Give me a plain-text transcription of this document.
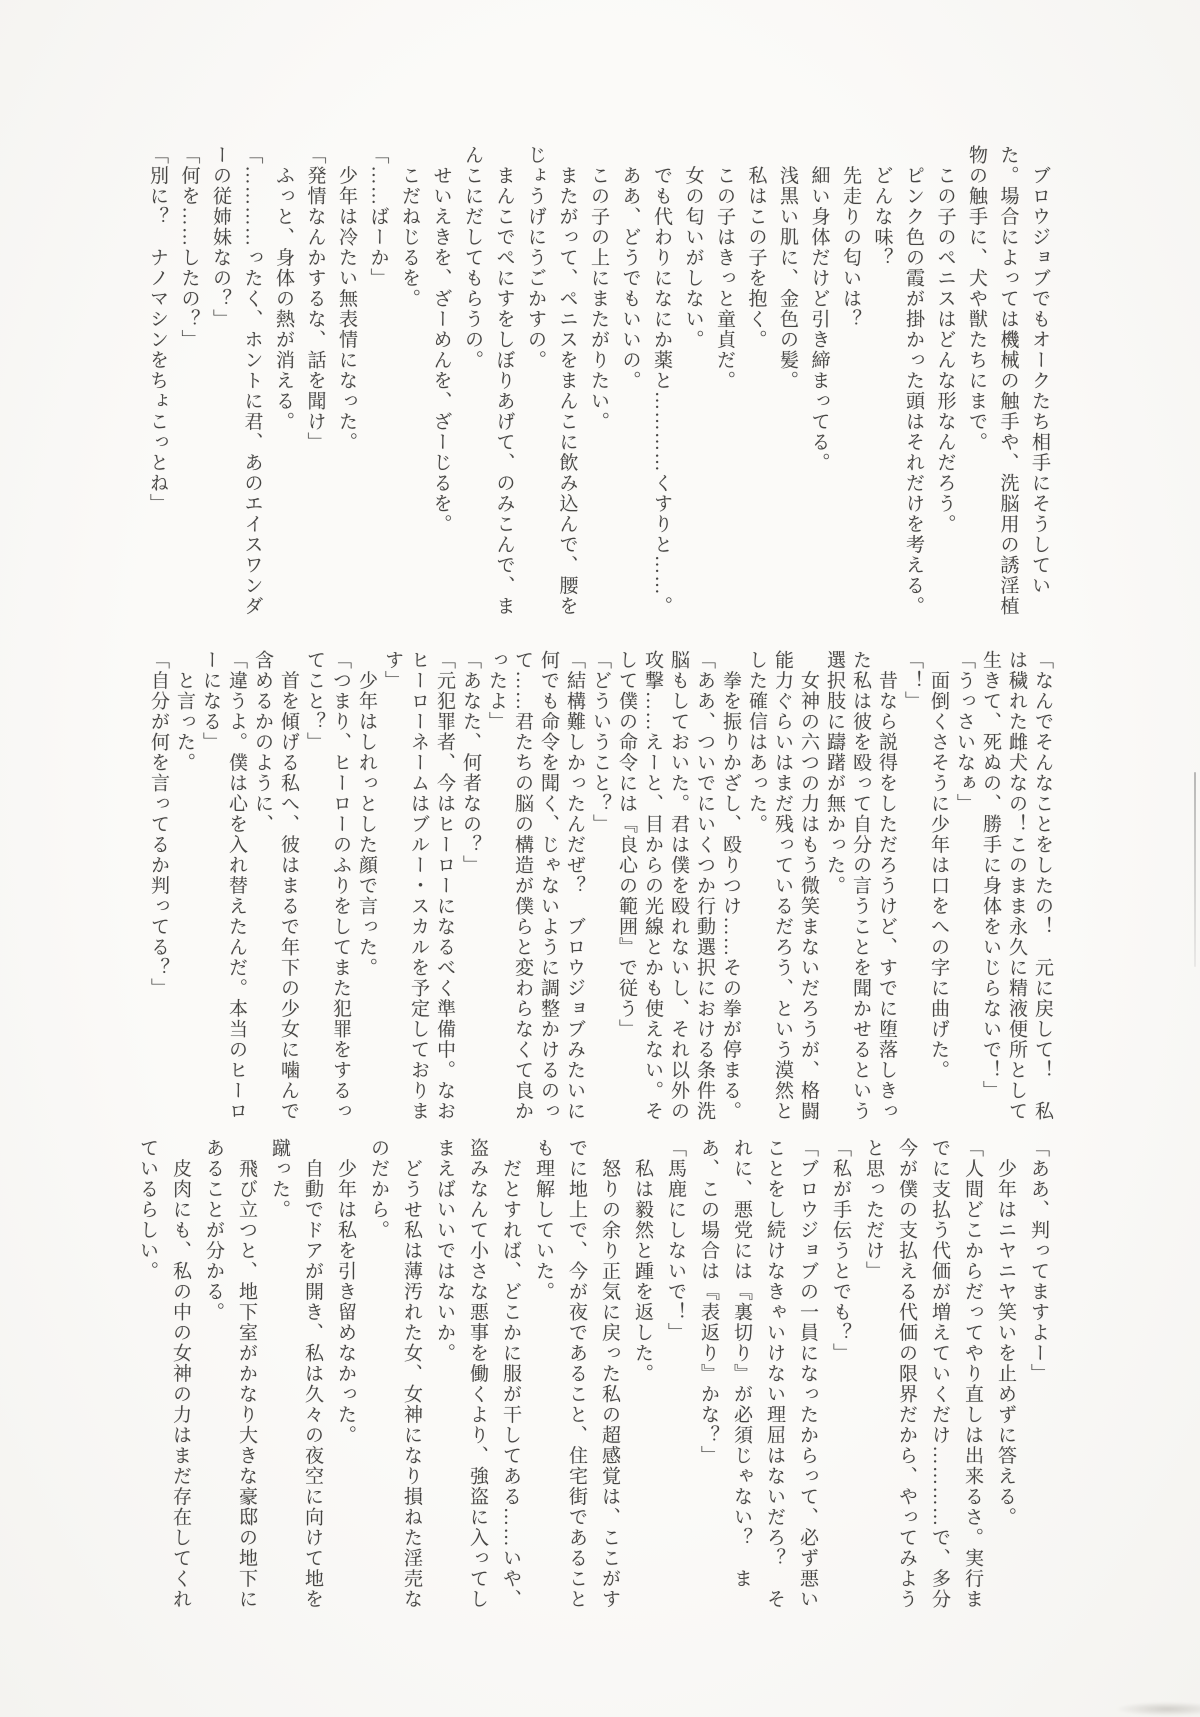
　ブロウジョブでもオークたち相手にそうしていた。場合によっては機械の触手や、洗脳用の誘淫植物の触手に、犬や獣たちにまで。

　この子のペニスはどんな形なんだろう。

　ピンク色の霞が掛かった頭はそれだけを考える。

　どんな味？

　先走りの匂いは？

　細い身体だけど引き締まってる。

　浅黒い肌に、金色の髪。

　私はこの子を抱く。

　この子はきっと童貞だ。

　女の匂いがしない。

　でも代わりになにか薬と…………くすりと……。

　ああ、どうでもいいの。

　この子の上にまたがりたい。

　またがって、ペニスをまんこに飲み込んで、腰をじょうげにうごかすの。

　まんこでぺにすをしぼりあげて、のみこんで、まんこにだしてもらうの。

　せいえきを、ざーめんを、ざーじるを。

　こだねじるを。

「……ばーか」

　少年は冷たい無表情になった。

「発情なんかするな、話を聞け」

　ふっと、身体の熱が消える。

「…………ったく、ホントに君、あのエイスワンダーの従姉妹なの？」

「何を……したの？」

「別に？　ナノマシンをちょこっとね」

「なんでそんなことをしたの！　元に戻して！　私は穢れた雌犬なの！このまま永久に精液便所として生きて、死ぬの、勝手に身体をいじらないで！」

「うっさいなぁ」

　面倒くさそうに少年は口をへの字に曲げた。

「！」

　昔なら説得をしただろうけど、すでに堕落しきった私は彼を殴って自分の言うことを聞かせるという選択肢に躊躇が無かった。

　女神の六つの力はもう微笑まないだろうが、格闘能力ぐらいはまだ残っているだろう、という漠然とした確信はあった。

　拳を振りかざし、殴りつけ……その拳が停まる。

「ああ、ついでにいくつか行動選択における条件洗脳もしておいた。君は僕を殴れないし、それ以外の攻撃……えーと、目からの光線とかも使えない。そして僕の命令には『良心の範囲』で従う」

「どういうこと？」

「結構難しかったんだぜ？　ブロウジョブみたいに何でも命令を聞く、じゃないように調整かけるのって……君たちの脳の構造が僕らと変わらなくて良かったよ」

「あなた、何者なの？」

「元犯罪者、今はヒーローになるべく準備中。なおヒーローネームはブルー・スカルを予定しております」

　少年はしれっとした顔で言った。

「つまり、ヒーローのふりをしてまた犯罪をするってこと？」

　首を傾げる私へ、彼はまるで年下の少女に噛んで含めるかのように、

「違うよ。僕は心を入れ替えたんだ。本当のヒーローになる」

　と言った。

「自分が何を言ってるか判ってる？」

「ああ、判ってますよー」

　少年はニヤニヤ笑いを止めずに答える。

「人間どこからだってやり直しは出来るさ。実行までに支払う代価が増えていくだけ…………で、多分今が僕の支払える代価の限界だから、やってみようと思っただけ」

「私が手伝うとでも？」

「ブロウジョブの一員になったからって、必ず悪いことをし続けなきゃいけない理屈はないだろ？　それに、悪党には『裏切り』が必須じゃない？　まあ、この場合は『表返り』かな？」

「馬鹿にしないで！」

　私は毅然と踵を返した。

　怒りの余り正気に戻った私の超感覚は、ここがすでに地上で、今が夜であること、住宅街であることも理解していた。

　だとすれば、どこかに服が干してある……いや、盗みなんて小さな悪事を働くより、強盗に入ってしまえばいいではないか。

　どうせ私は薄汚れた女、女神になり損ねた淫売なのだから。

　少年は私を引き留めなかった。

　自動でドアが開き、私は久々の夜空に向けて地を蹴った。

　飛び立つと、地下室がかなり大きな豪邸の地下にあることが分かる。

　皮肉にも、私の中の女神の力はまだ存在してくれているらしい。
